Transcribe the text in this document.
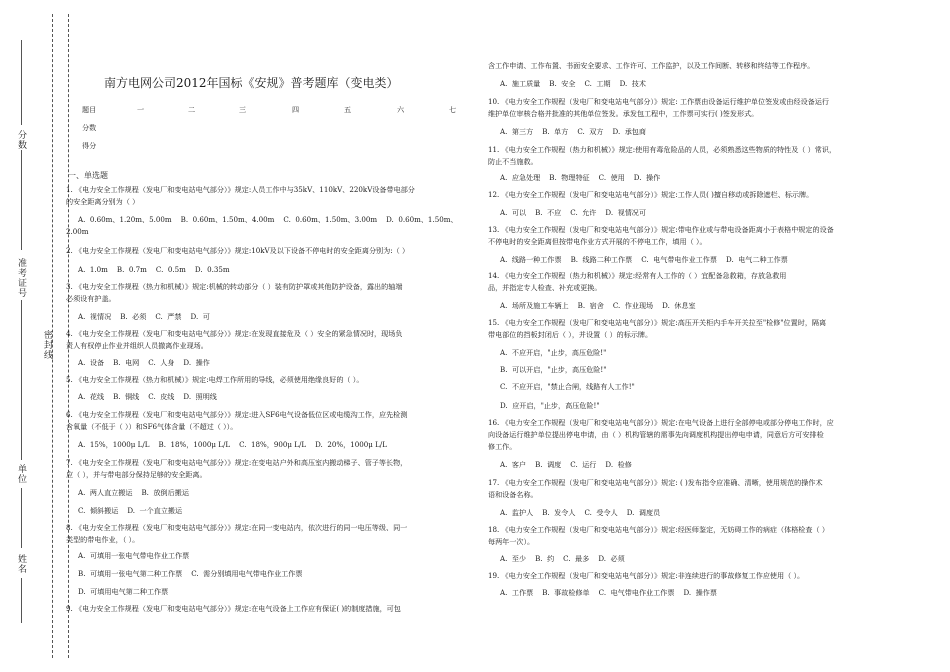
分数
准考证号
密封线
单位
姓名
南方电网公司2012年国标《安规》普考题库（变电类）
题目	一	二	三	四	五	六	七
分数
得分
一、单选题
1. 《电力安全工作规程（发电厂和变电站电气部分）》规定:人员工作中与35kV、110kV、220kV设备带电部分
的安全距离分别为（ ）
A.  0.60m、1.20m、5.00m    B.  0.60m、1.50m、4.00m    C.  0.60m、1.50m、3.00m    D.  0.60m、1.50m、
2.00m
2. 《电力安全工作规程（发电厂和变电站电气部分）》规定:10kV及以下设备不停电时的安全距离分别为:（ ）
A.  1.0m    B.  0.7m    C.  0.5m    D.  0.35m
3. 《电力安全工作规程（热力和机械）》规定:机械的转动部分（ ）装有防护罩或其他防护设备，露出的轴端
必须设有护盖。
A.  视情况    B.  必须    C.  严禁    D.  可
4. 《电力安全工作规程（发电厂和变电站电气部分）》规定:在发现直接危及（ ）安全的紧急情况时，现场负
责人有权停止作业并组织人员撤离作业现场。
A.  设备    B.  电网    C.  人身    D.  操作
5. 《电力安全工作规程（热力和机械）》规定:电焊工作所用的导线，必须使用绝缘良好的（ ）。
A.  花线    B.  铜线    C.  皮线    D.  照明线
6. 《电力安全工作规程（发电厂和变电站电气部分）》规定:进入SF6电气设备低位区或电缆沟工作，应先检测
含氧量（不低于（ ））和SF6气体含量（不超过（ ））。
A.  15%，1000μ L/L    B.  18%，1000μ L/L    C.  18%，900μ L/L    D.  20%，1000μ L/L
7. 《电力安全工作规程（发电厂和变电站电气部分）》规定:在变电站户外和高压室内搬动梯子、管子等长物，
应（ ），并与带电部分保持足够的安全距离。
A.  两人直立搬运    B.  放倒后搬运
C.  倾斜搬运    D.  一个直立搬运
8. 《电力安全工作规程（发电厂和变电站电气部分）》规定:在同一变电站内，依次进行的同一电压等级、同一
类型的带电作业，（ ）。
A.  可填用一张电气带电作业工作票
B.  可填用一张电气第二种工作票    C.  需分别填用电气带电作业工作票
D.  可填用电气第二种工作票
9. 《电力安全工作规程（发电厂和变电站电气部分）》规定:在电气设备上工作应有保证( )的制度措施，可包
含工作申请、工作布置、书面安全要求、工作许可、工作监护，以及工作间断、转移和终结等工作程序。
A.  施工质量    B.  安全    C.  工期    D.  技术
10. 《电力安全工作规程（发电厂和变电站电气部分）》规定: 工作票由设备运行维护单位签发或由经设备运行
维护单位审核合格并批准的其他单位签发。承发包工程中，工作票可实行( )签发形式。
A.  第三方    B.  单方    C.  双方    D.  承包商
11. 《电力安全工作规程（热力和机械）》规定:使用有毒危险品的人员，必须熟悉这些物质的特性及（ ）常识，
防止不当施救。
A.  应急处理    B.  物理特征    C.  使用    D.  操作
12. 《电力安全工作规程（发电厂和变电站电气部分）》规定:工作人员( )擅自移动或拆除遮栏、标示牌。
A.  可以    B.  不应    C.  允许    D.  视情况可
13. 《电力安全工作规程（发电厂和变电站电气部分）》规定:带电作业或与带电设备距离小于表格中规定的设备
不停电时的安全距离但按带电作业方式开展的不停电工作，填用（ ）。
A.  线路一种工作票    B.  线路二种工作票    C.  电气带电作业工作票    D.  电气二种工作票
14. 《电力安全工作规程（热力和机械）》规定:经常有人工作的（ ）宜配备急救箱，存放急救用
品，并指定专人检查、补充或更换。
A.  场所及施工车辆上    B.  宿舍    C.  作业现场    D.  休息室
15. 《电力安全工作规程（发电厂和变电站电气部分）》规定:高压开关柜内手车开关拉至"检修"位置时，隔离
带电部位的挡板封闭后（ ），并设置（ ）的标示牌。
A.  不应开启，"止步，高压危险!"
B.  可以开启，"止步，高压危险!"
C.  不应开启，"禁止合闸，线路有人工作!"
D.  应开启，"止步，高压危险!"
16. 《电力安全工作规程（发电厂和变电站电气部分）》规定:在电气设备上进行全部停电或部分停电工作时，应
向设备运行维护单位提出停电申请，由（ ）机构管辖的需事先向调度机构提出停电申请，同意后方可安排检
修工作。
A.  客户    B.  调度    C.  运行    D.  检修
17. 《电力安全工作规程（发电厂和变电站电气部分）》规定: ( )发布指令应准确、清晰，使用规范的操作术
语和设备名称。
A.  监护人    B.  发令人    C.  受令人    D.  调度员
18. 《电力安全工作规程（发电厂和变电站电气部分）》规定:经医师鉴定，无妨碍工作的病症（体格检查（ ）
每两年一次）。
A.  至少    B.  约    C.  最多    D.  必须
19. 《电力安全工作规程（发电厂和变电站电气部分）》规定:非连续进行的事故修复工作应使用（ ）。
A.  工作票    B.  事故检修单    C.  电气带电作业工作票    D.  操作票
